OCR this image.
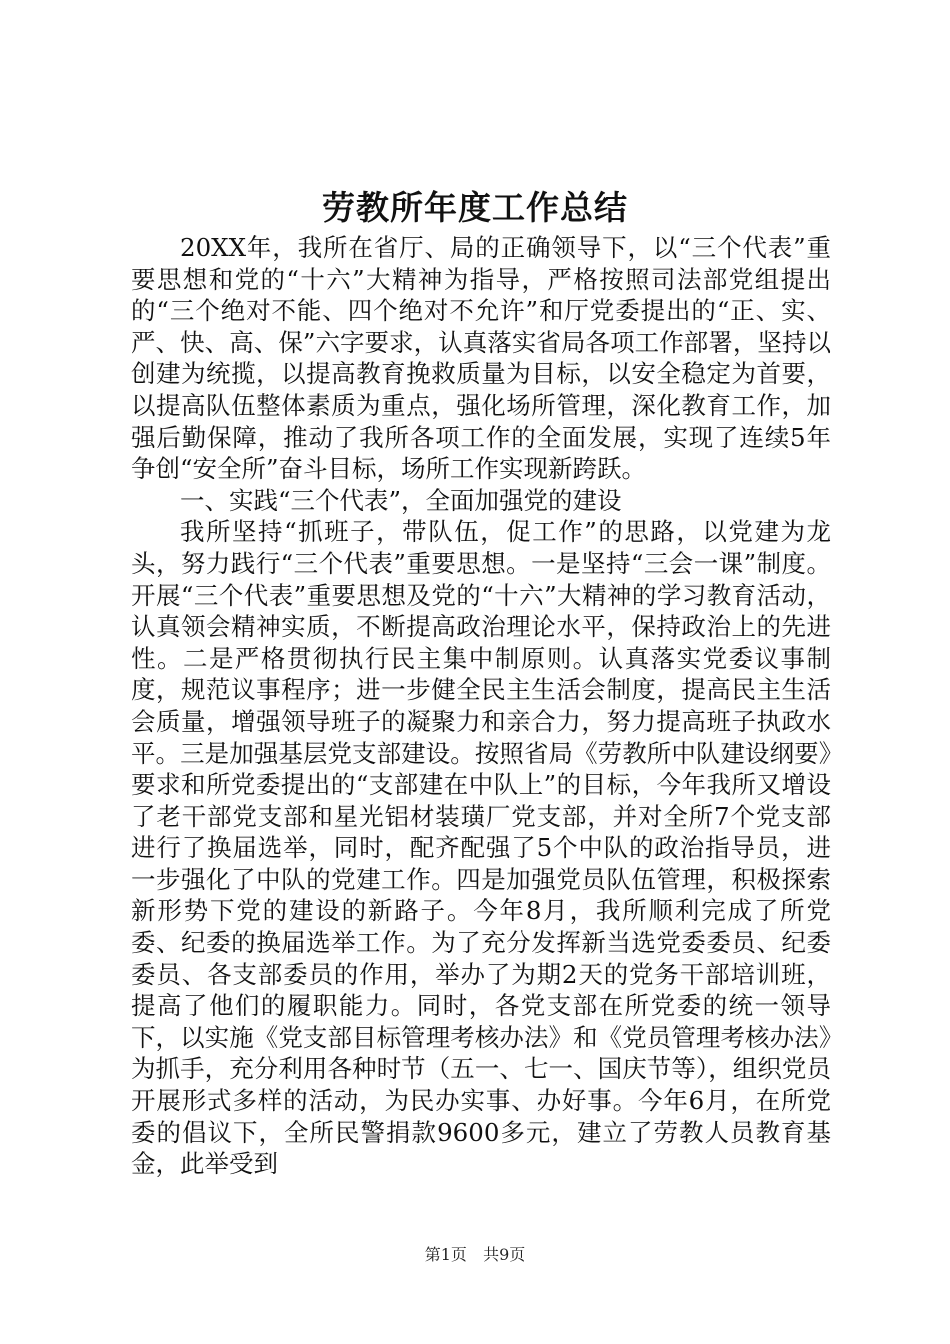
劳教所年度工作总结

20XX年，我所在省厅、局的正确领导下，以“三个代表”重要思想和党的“十六”大精神为指导，严格按照司法部党组提出的“三个绝对不能、四个绝对不允许”和厅党委提出的“正、实、严、快、高、保”六字要求，认真落实省局各项工作部署，坚持以创建为统揽，以提高教育挽救质量为目标，以安全稳定为首要，以提高队伍整体素质为重点，强化场所管理，深化教育工作，加强后勤保障，推动了我所各项工作的全面发展，实现了连续5年争创“安全所”奋斗目标，场所工作实现新跨跃。

一、实践“三个代表”，全面加强党的建设

我所坚持“抓班子，带队伍，促工作”的思路，以党建为龙头，努力践行“三个代表”重要思想。一是坚持“三会一课”制度。开展“三个代表”重要思想及党的“十六”大精神的学习教育活动，认真领会精神实质，不断提高政治理论水平，保持政治上的先进性。二是严格贯彻执行民主集中制原则。认真落实党委议事制度，规范议事程序；进一步健全民主生活会制度，提高民主生活会质量，增强领导班子的凝聚力和亲合力，努力提高班子执政水平。三是加强基层党支部建设。按照省局《劳教所中队建设纲要》要求和所党委提出的“支部建在中队上”的目标，今年我所又增设了老干部党支部和星光铝材装璜厂党支部，并对全所7个党支部进行了换届选举，同时，配齐配强了5个中队的政治指导员，进一步强化了中队的党建工作。四是加强党员队伍管理，积极探索新形势下党的建设的新路子。今年8月，我所顺利完成了所党委、纪委的换届选举工作。为了充分发挥新当选党委委员、纪委委员、各支部委员的作用，举办了为期2天的党务干部培训班，提高了他们的履职能力。同时，各党支部在所党委的统一领导下，以实施《党支部目标管理考核办法》和《党员管理考核办法》为抓手，充分利用各种时节（五一、七一、国庆节等），组织党员开展形式多样的活动，为民办实事、办好事。今年6月，在所党委的倡议下，全所民警捐款9600多元，建立了劳教人员教育基金，此举受到

第1页 共9页
